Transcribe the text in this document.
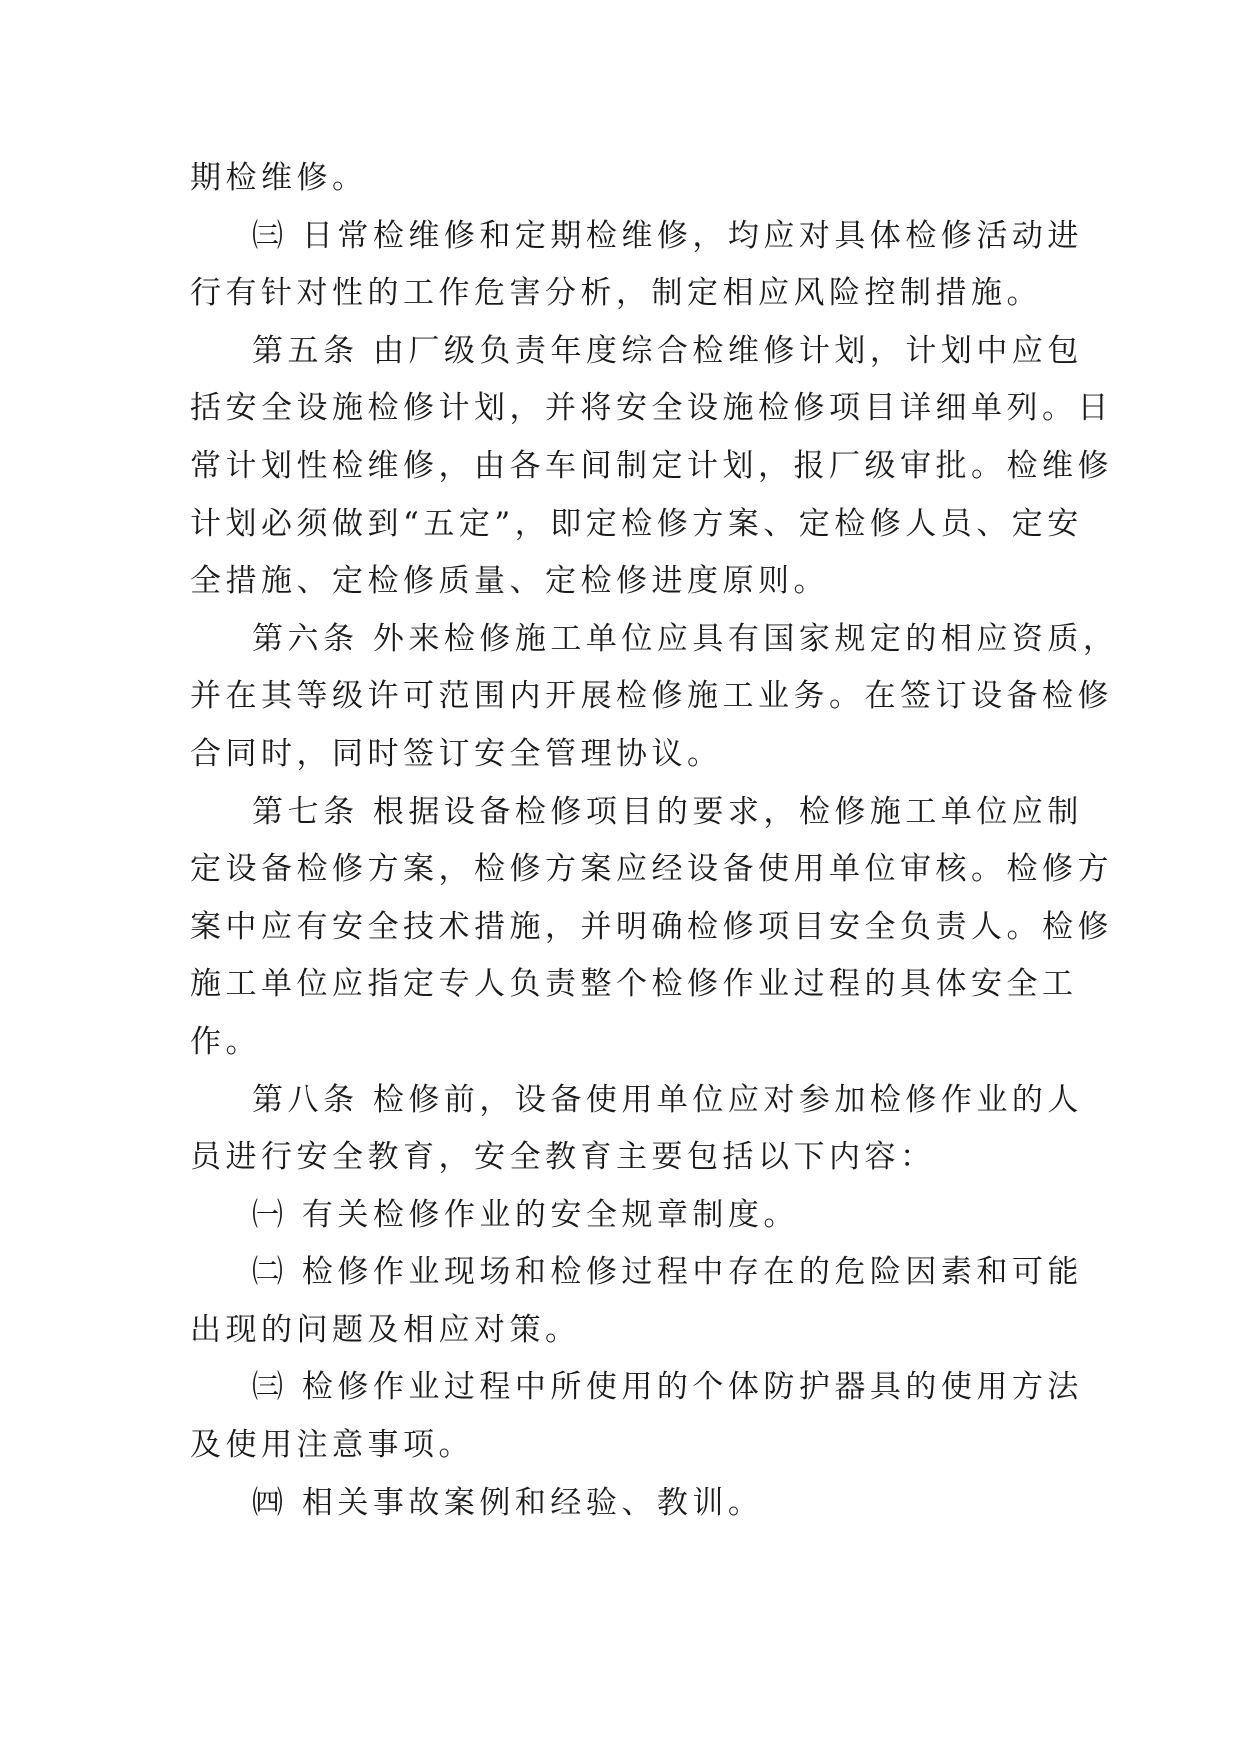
期检维修。
㈢ 日常检维修和定期检维修，均应对具体检修活动进
行有针对性的工作危害分析，制定相应风险控制措施。
第五条 由厂级负责年度综合检维修计划，计划中应包
括安全设施检修计划，并将安全设施检修项目详细单列。日
常计划性检维修，由各车间制定计划，报厂级审批。检维修
计划必须做到“五定”，即定检修方案、定检修人员、定安
全措施、定检修质量、定检修进度原则。
第六条 外来检修施工单位应具有国家规定的相应资质，
并在其等级许可范围内开展检修施工业务。在签订设备检修
合同时，同时签订安全管理协议。
第七条 根据设备检修项目的要求，检修施工单位应制
定设备检修方案，检修方案应经设备使用单位审核。检修方
案中应有安全技术措施，并明确检修项目安全负责人。检修
施工单位应指定专人负责整个检修作业过程的具体安全工
作。
第八条 检修前，设备使用单位应对参加检修作业的人
员进行安全教育，安全教育主要包括以下内容：
㈠ 有关检修作业的安全规章制度。
㈡ 检修作业现场和检修过程中存在的危险因素和可能
出现的问题及相应对策。
㈢ 检修作业过程中所使用的个体防护器具的使用方法
及使用注意事项。
㈣ 相关事故案例和经验、教训。
